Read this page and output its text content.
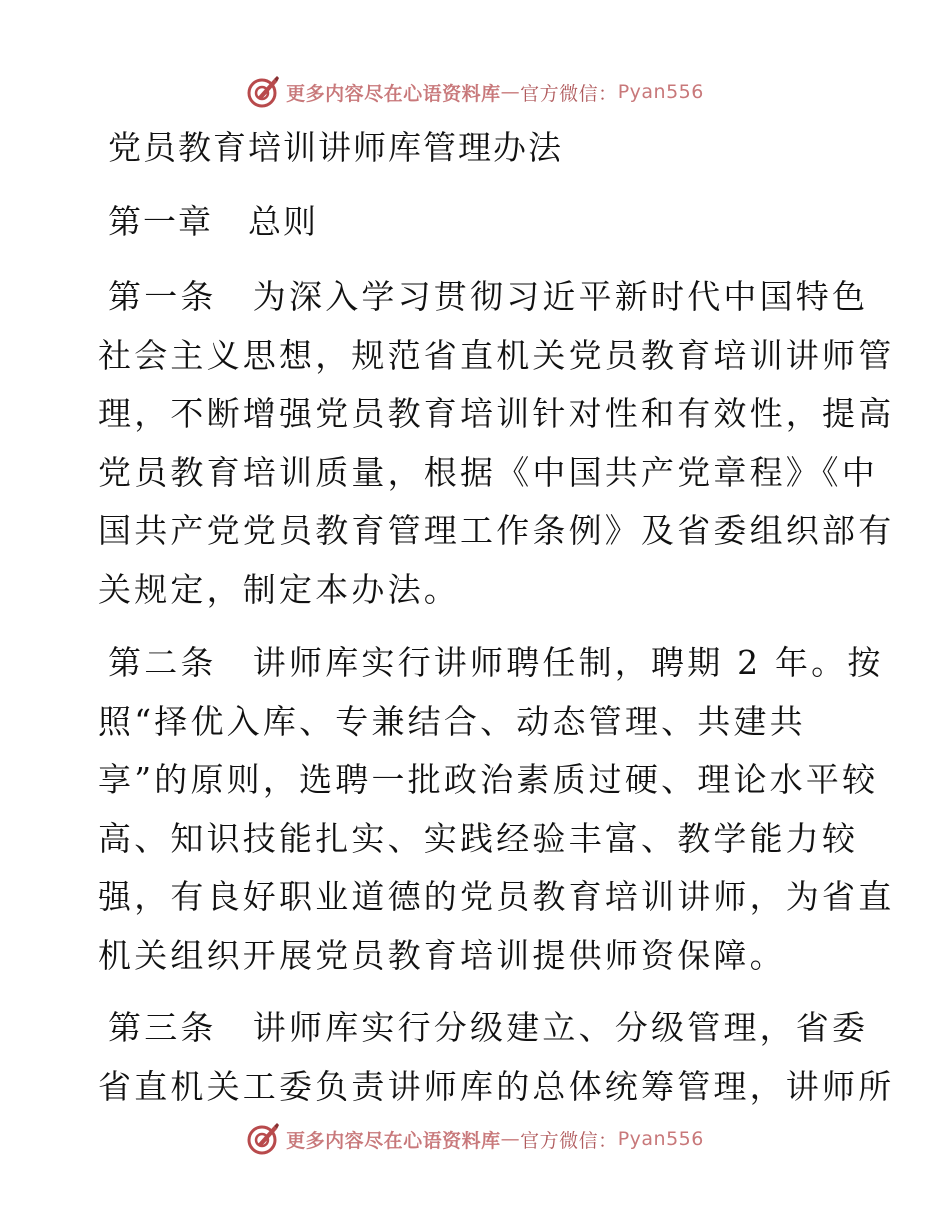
更多内容尽在心语资料库 — 官方微信 ： Pyan556
党员教育培训讲师库管理办法
第一章　总则
第一条　为深入学习贯彻习近平新时代中国特色
社会主义思想，规范省直机关党员教育培训讲师管
理，不断增强党员教育培训针对性和有效性，提高
党员教育培训质量，根据《中国共产党章程》《中
国共产党党员教育管理工作条例》及省委组织部有
关规定，制定本办法。
第二条　讲师库实行讲师聘任制，聘期 2 年。按
照“择优入库、专兼结合、动态管理、共建共
享”的原则，选聘一批政治素质过硬、理论水平较
高、知识技能扎实、实践经验丰富、教学能力较
强，有良好职业道德的党员教育培训讲师，为省直
机关组织开展党员教育培训提供师资保障。
第三条　讲师库实行分级建立、分级管理，省委
省直机关工委负责讲师库的总体统筹管理，讲师所
更多内容尽在心语资料库 — 官方微信 ： Pyan556
